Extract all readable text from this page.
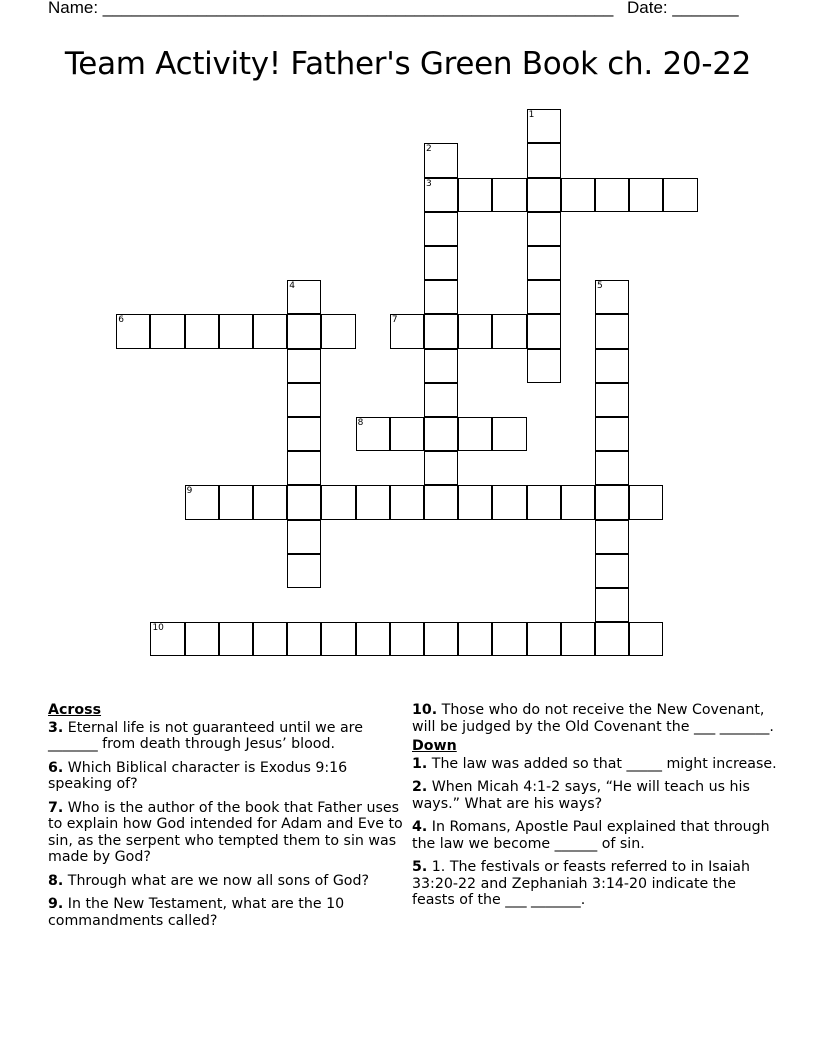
Name: ______________________________________________________ Date: _______
Team Activity! Father's Green Book ch. 20-22
1
2
3
4	5
6	7
8
9
10
Across
3. Eternal life is not guaranteed until we are _______ from death through Jesus’ blood.
6. Which Biblical character is Exodus 9:16 speaking of?
7. Who is the author of the book that Father uses to explain how God intended for Adam and Eve to sin, as the serpent who tempted them to sin was made by God?
8. Through what are we now all sons of God?
9. In the New Testament, what are the 10 commandments called?
10. Those who do not receive the New Covenant, will be judged by the Old Covenant the ___ _______.
Down
1. The law was added so that _____ might increase.
2. When Micah 4:1-2 says, “He will teach us his ways.” What are his ways?
4. In Romans, Apostle Paul explained that through the law we become ______ of sin.
5. 1. The festivals or feasts referred to in Isaiah 33:20-22 and Zephaniah 3:14-20 indicate the feasts of the ___ _______.
